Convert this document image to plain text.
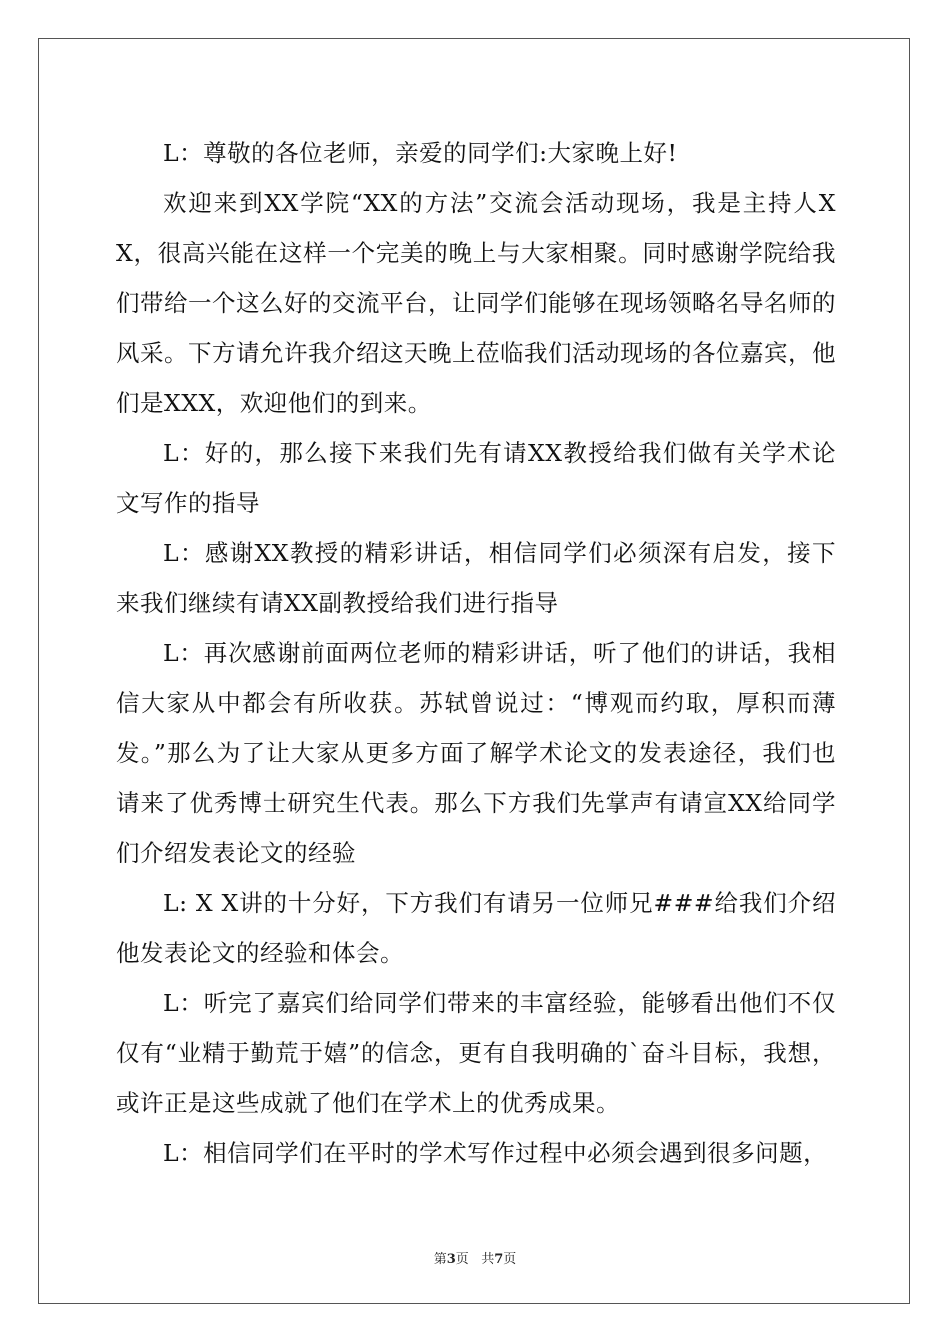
L：尊敬的各位老师，亲爱的同学们:大家晚上好!

欢迎来到XX学院“XX的方法”交流会活动现场，我是主持人XX，很高兴能在这样一个完美的晚上与大家相聚。同时感谢学院给我们带给一个这么好的交流平台，让同学们能够在现场领略名导名师的风采。下方请允许我介绍这天晚上莅临我们活动现场的各位嘉宾，他们是XXX，欢迎他们的到来。

L：好的，那么接下来我们先有请XX教授给我们做有关学术论文写作的指导

L：感谢XX教授的精彩讲话，相信同学们必须深有启发，接下来我们继续有请XX副教授给我们进行指导

L：再次感谢前面两位老师的精彩讲话，听了他们的讲话，我相信大家从中都会有所收获。苏轼曾说过：“博观而约取，厚积而薄发。”那么为了让大家从更多方面了解学术论文的发表途径，我们也请来了优秀博士研究生代表。那么下方我们先掌声有请宣XX给同学们介绍发表论文的经验

L: X X讲的十分好，下方我们有请另一位师兄###给我们介绍他发表论文的经验和体会。

L：听完了嘉宾们给同学们带来的丰富经验，能够看出他们不仅仅有“业精于勤荒于嬉”的信念，更有自我明确的`奋斗目标，我想，或许正是这些成就了他们在学术上的优秀成果。

L：相信同学们在平时的学术写作过程中必须会遇到很多问题，

第3页 共7页
